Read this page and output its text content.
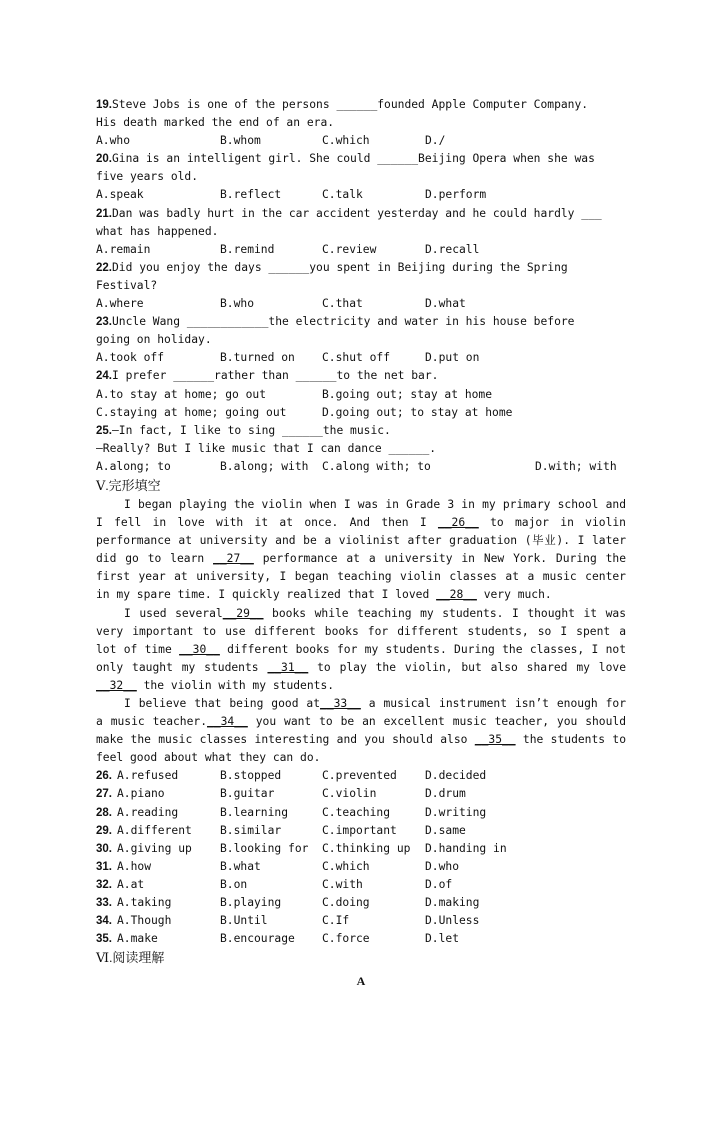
19.Steve Jobs is one of the persons ______founded Apple Computer Company.
His death marked the end of an era.

A.who

	B.whom

	C.which

	D./

20.Gina is an intelligent girl. She could ______Beijing Opera when she was
five years old.

A.speak

	B.reflect

	C.talk

	D.perform

21.Dan was badly hurt in the car accident yesterday and he could hardly ___
what has happened.

A.remain

	B.remind

	C.review

	D.recall

22.Did you enjoy the days ______you spent in Beijing during the Spring
Festival?

A.where

	B.who

	C.that

	D.what

23.Uncle Wang ____________the electricity and water in his house before
going on holiday.

A.took off

	B.turned on

C.shut off

	D.put on

24.I prefer ______rather than ______to the net bar.

A.to stay at home; go out

	B.going out; stay at home

C.staying at home; going out

	D.going out; to stay at home

25.—In fact, I like to sing ______the music.
—Really? But I like music that I can dance ______.

A.along; to

	B.along; with

C.along with; to

	D.with; with

Ⅴ.完形填空
I began playing the violin when I was in Grade 3 in my primary school and I fell in love with it at once. And then I __26__ to major in violin performance at university and be a violinist after graduation (毕业). I later did go to learn __27__ performance at a university in New York. During the first year at university, I began teaching violin classes at a music center in my spare time. I quickly realized that I loved __28__ very much.
I used several__29__ books while teaching my students. I thought it was very important to use different books for different students, so I spent a lot of time __30__ different books for my students. During the classes, I not only taught my students __31__ to play the violin, but also shared my love __32__ the violin with my students.
I believe that being good at__33__ a musical instrument isn’t enough for a music teacher.__34__ you want to be an excellent music teacher, you should make the music classes interesting and you should also __35__ the students to feel good about what they can do.
26. A.refused	B.stopped	C.prevented D.decided
27. A.piano	B.guitar	C.violin	D.drum
28. A.reading	B.learning	C.teaching	D.writing
29. A.different B.similar	C.important D.same
30. A.giving up B.looking for C.thinking up D.handing in
31. A.how	B.what	C.which	D.who
32. A.at	B.on	C.with	D.of
33. A.taking	B.playing	C.doing	D.making
34. A.Though	B.Until	C.If	D.Unless
35. A.make	B.encourage C.force	D.let
Ⅵ.阅读理解
A
